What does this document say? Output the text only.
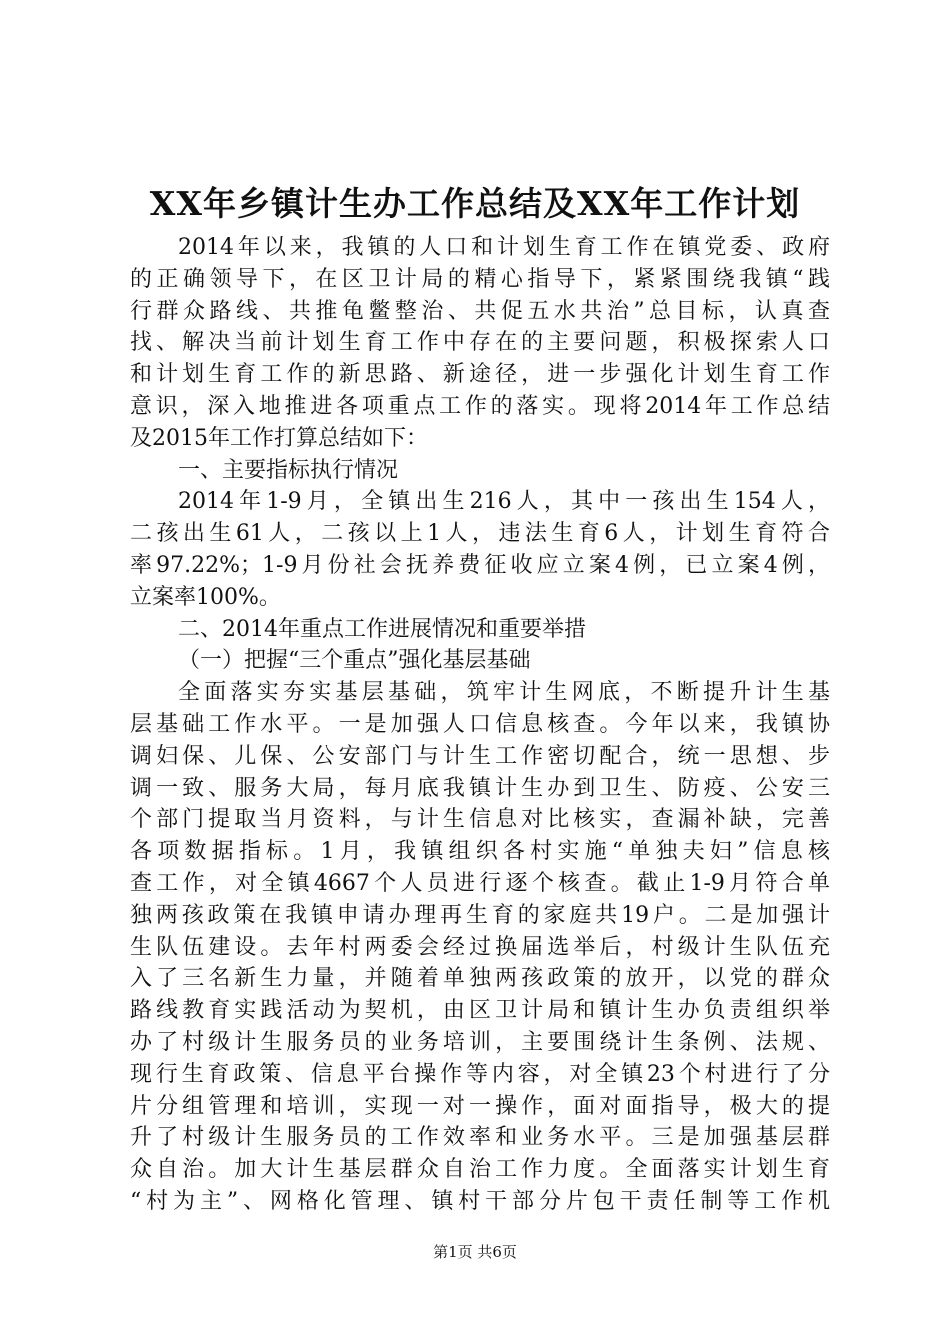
XX年乡镇计生办工作总结及XX年工作计划
2014年以来，我镇的人口和计划生育工作在镇党委、政府
的正确领导下，在区卫计局的精心指导下，紧紧围绕我镇“践
行群众路线、共推龟鳖整治、共促五水共治”总目标，认真查
找、解决当前计划生育工作中存在的主要问题，积极探索人口
和计划生育工作的新思路、新途径，进一步强化计划生育工作
意识，深入地推进各项重点工作的落实。现将2014年工作总结
及2015年工作打算总结如下：
一、主要指标执行情况
2014年1-9月，全镇出生216人，其中一孩出生154人，
二孩出生61人，二孩以上1人，违法生育6人，计划生育符合
率97.22%；1-9月份社会抚养费征收应立案4例，已立案4例，
立案率100%。
二、2014年重点工作进展情况和重要举措
（一）把握“三个重点”强化基层基础
全面落实夯实基层基础，筑牢计生网底，不断提升计生基
层基础工作水平。一是加强人口信息核查。今年以来，我镇协
调妇保、儿保、公安部门与计生工作密切配合，统一思想、步
调一致、服务大局，每月底我镇计生办到卫生、防疫、公安三
个部门提取当月资料，与计生信息对比核实，查漏补缺，完善
各项数据指标。1月，我镇组织各村实施“单独夫妇”信息核
查工作，对全镇4667个人员进行逐个核查。截止1-9月符合单
独两孩政策在我镇申请办理再生育的家庭共19户。二是加强计
生队伍建设。去年村两委会经过换届选举后，村级计生队伍充
入了三名新生力量，并随着单独两孩政策的放开，以党的群众
路线教育实践活动为契机，由区卫计局和镇计生办负责组织举
办了村级计生服务员的业务培训，主要围绕计生条例、法规、
现行生育政策、信息平台操作等内容，对全镇23个村进行了分
片分组管理和培训，实现一对一操作，面对面指导，极大的提
升了村级计生服务员的工作效率和业务水平。三是加强基层群
众自治。加大计生基层群众自治工作力度。全面落实计划生育
“村为主”、网格化管理、镇村干部分片包干责任制等工作机
第1页 共6页
